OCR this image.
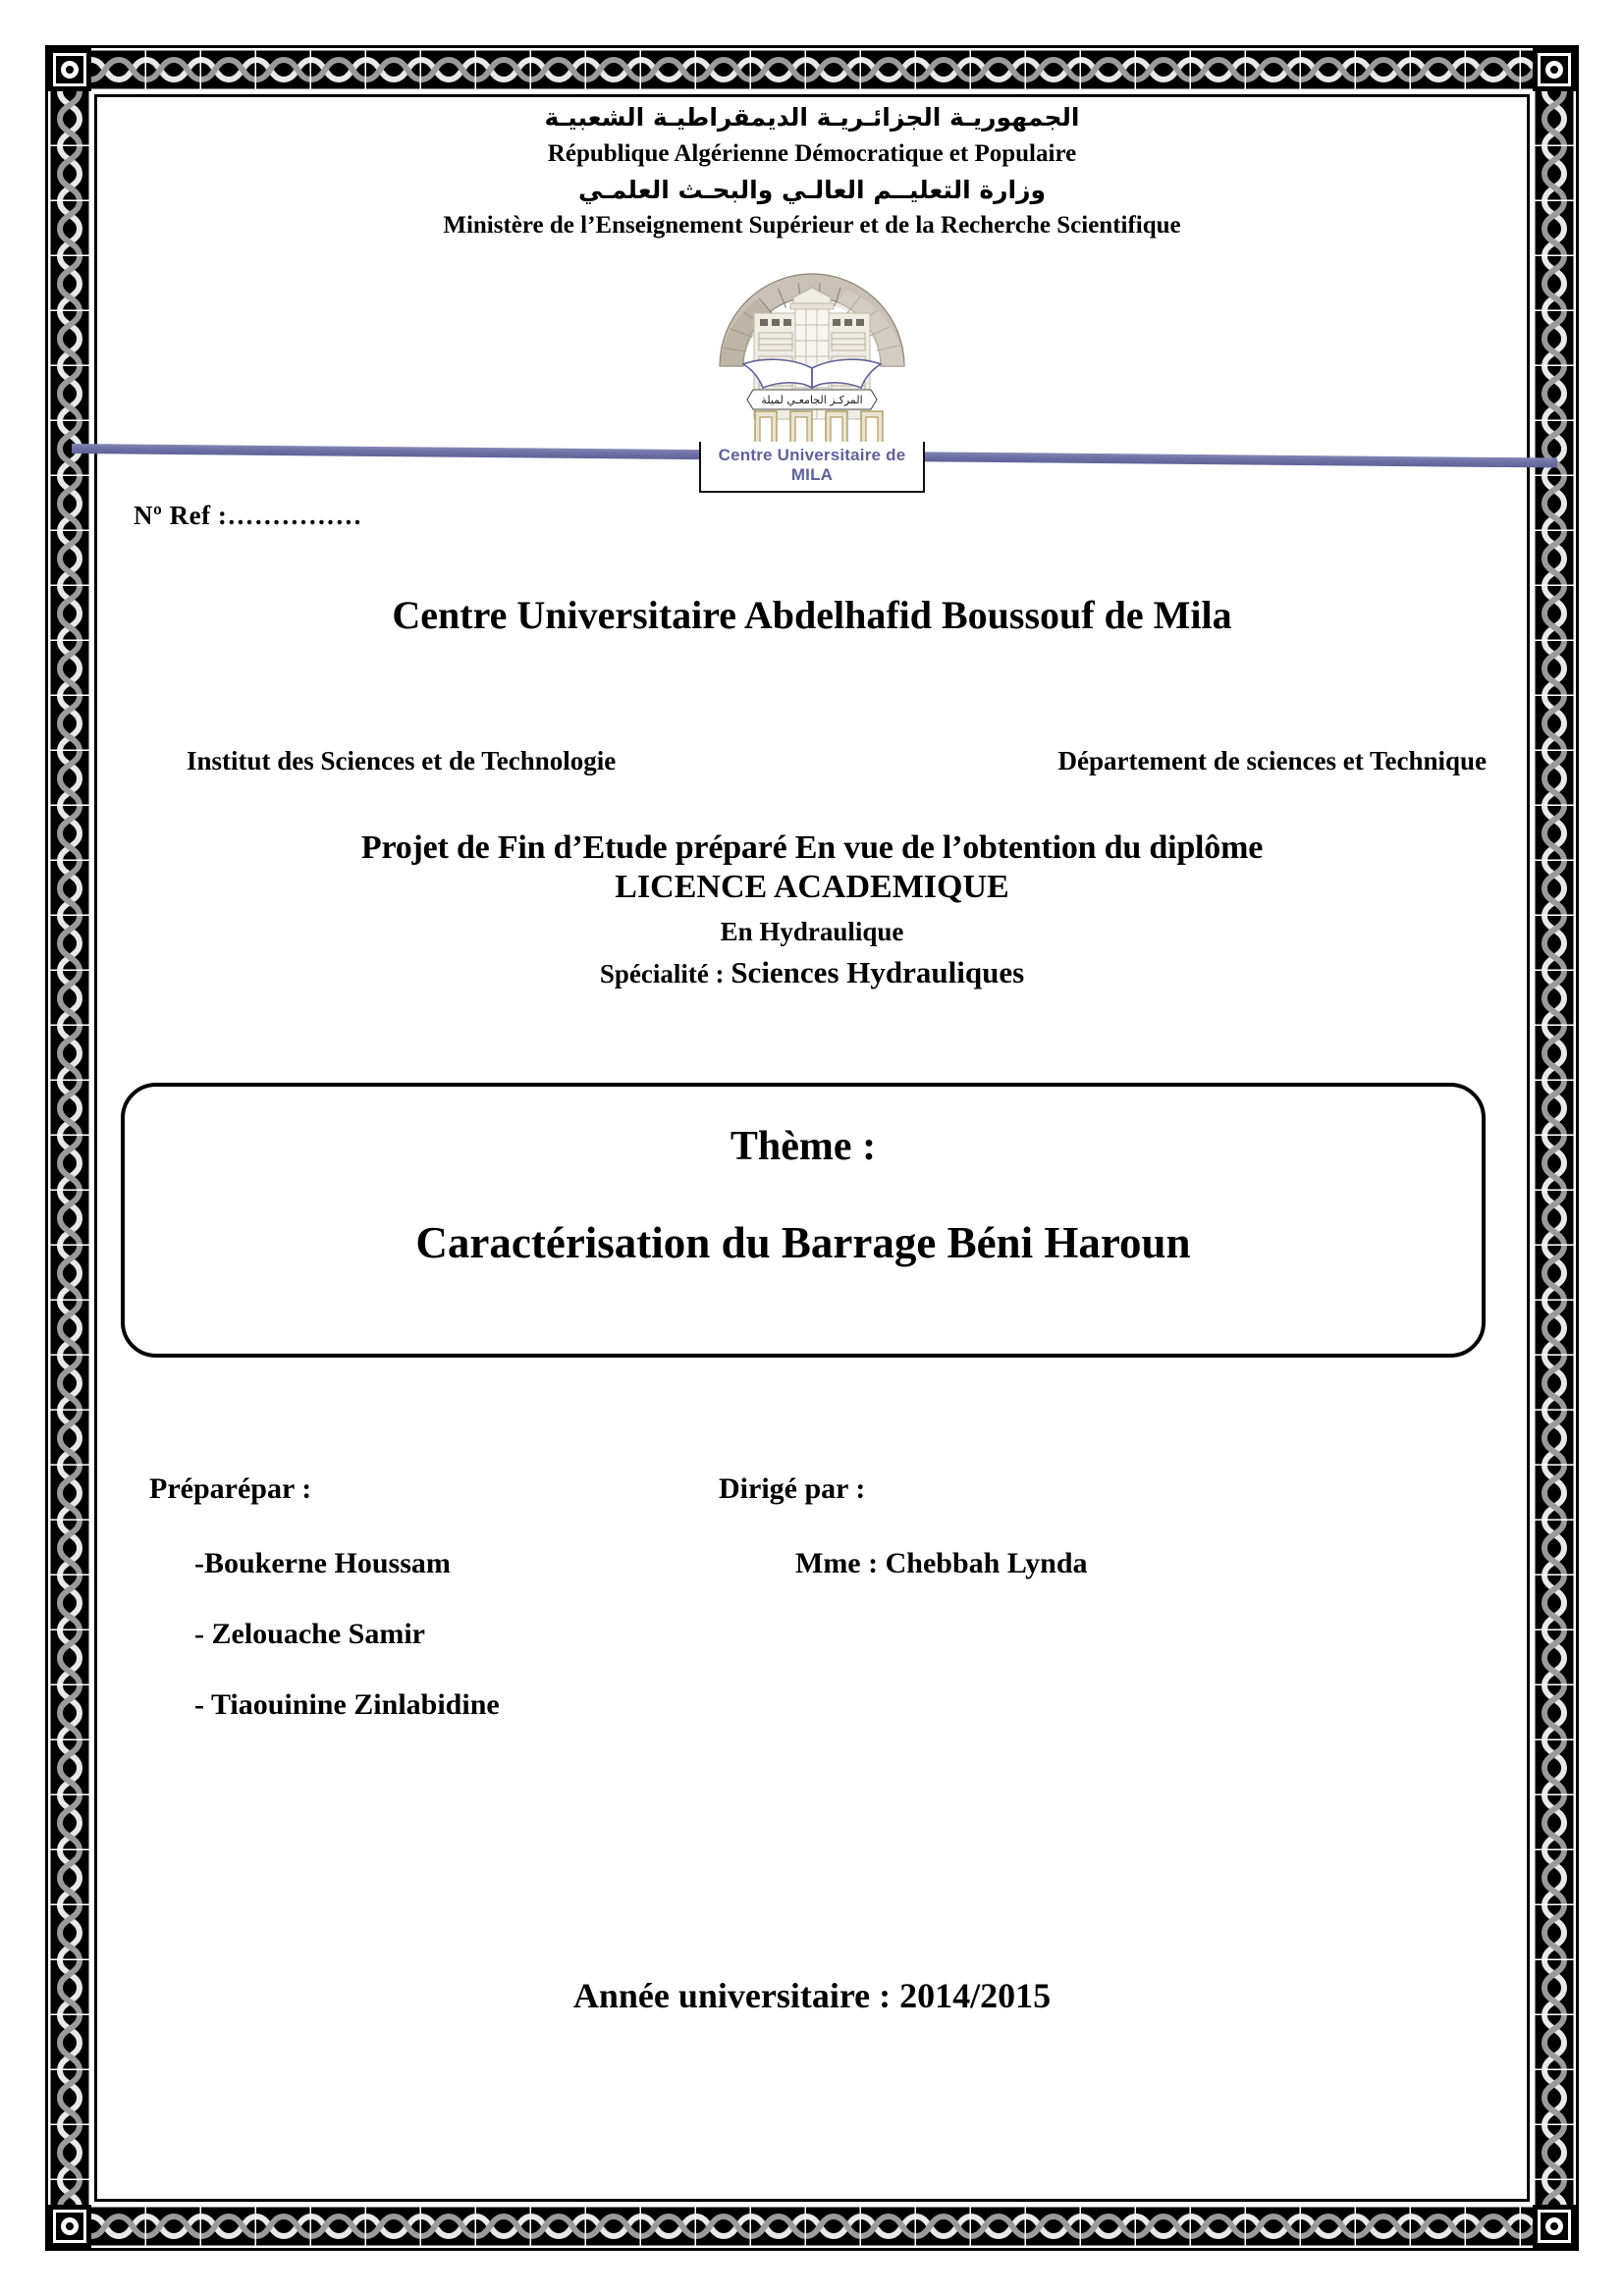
الجمهوريـة الجزائـريـة الديمقراطيـة الشعبيـة
République Algérienne Démocratique et Populaire
وزارة التعليــم العالـي والبحـث العلمـي
Ministère de l’Enseignement Supérieur et de la Recherche Scientifique
المركـز الجامعـي لميلة
Centre Universitaire de MILA
Nº Ref :……………
Centre Universitaire Abdelhafid Boussouf de Mila
Institut des Sciences et de Technologie	Département de sciences et Technique
Projet de Fin d’Etude préparé En vue de l’obtention du diplôme
LICENCE ACADEMIQUE
En Hydraulique
Spécialité : Sciences Hydrauliques
Thème :
Caractérisation du Barrage Béni Haroun
Préparépar :	Dirigé par :
-Boukerne Houssam
- Zelouache Samir
- Tiaouinine Zinlabidine
Mme : Chebbah Lynda
Année universitaire : 2014/2015
